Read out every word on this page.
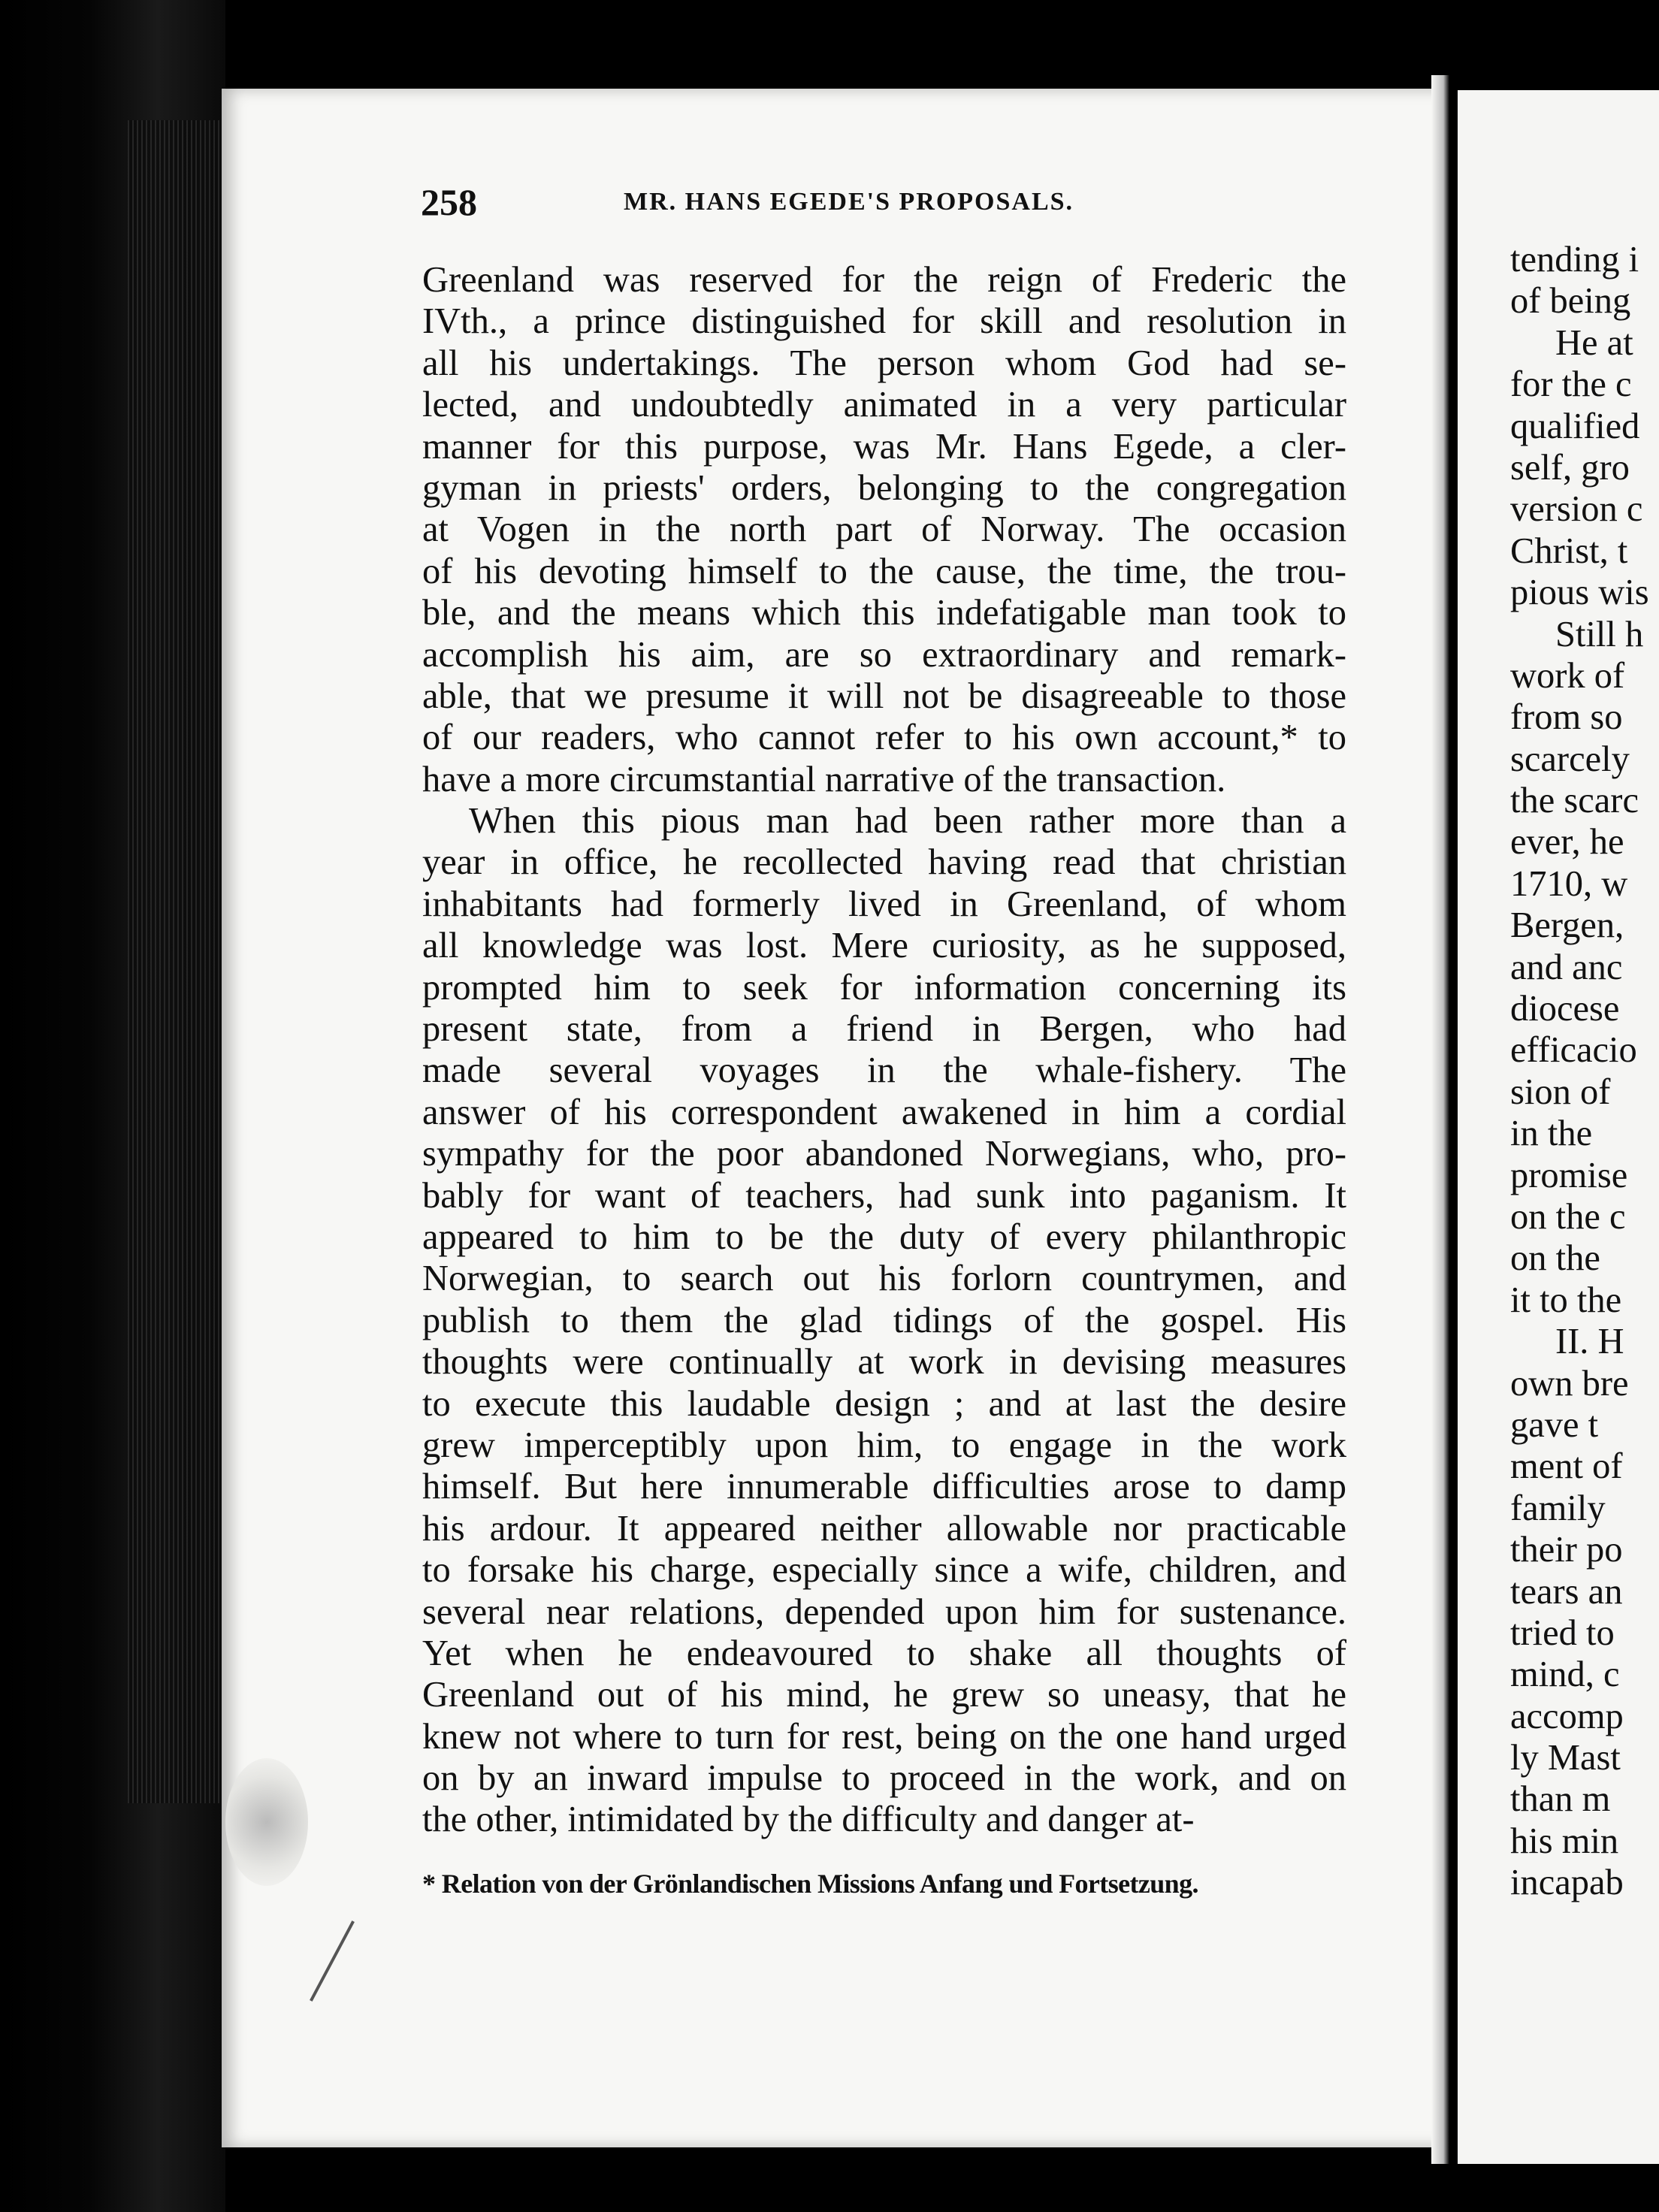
258	MR. HANS EGEDE'S PROPOSALS.
Greenland was reserved for the reign of Frederic the
IVth., a prince distinguished for skill and resolution in
all his undertakings. The person whom God had se-
lected, and undoubtedly animated in a very particular
manner for this purpose, was Mr. Hans Egede, a cler-
gyman in priests' orders, belonging to the congregation
at Vogen in the north part of Norway. The occasion
of his devoting himself to the cause, the time, the trou-
ble, and the means which this indefatigable man took to
accomplish his aim, are so extraordinary and remark-
able, that we presume it will not be disagreeable to those
of our readers, who cannot refer to his own account,* to
have a more circumstantial narrative of the transaction.
When this pious man had been rather more than a
year in office, he recollected having read that christian
inhabitants had formerly lived in Greenland, of whom
all knowledge was lost. Mere curiosity, as he supposed,
prompted him to seek for information concerning its
present state, from a friend in Bergen, who had
made several voyages in the whale-fishery. The
answer of his correspondent awakened in him a cordial
sympathy for the poor abandoned Norwegians, who, pro-
bably for want of teachers, had sunk into paganism. It
appeared to him to be the duty of every philanthropic
Norwegian, to search out his forlorn countrymen, and
publish to them the glad tidings of the gospel. His
thoughts were continually at work in devising measures
to execute this laudable design ; and at last the desire
grew imperceptibly upon him, to engage in the work
himself. But here innumerable difficulties arose to damp
his ardour. It appeared neither allowable nor practicable
to forsake his charge, especially since a wife, children, and
several near relations, depended upon him for sustenance.
Yet when he endeavoured to shake all thoughts of
Greenland out of his mind, he grew so uneasy, that he
knew not where to turn for rest, being on the one hand urged
on by an inward impulse to proceed in the work, and on
the other, intimidated by the difficulty and danger at-
* Relation von der Grönlandischen Missions Anfang und Fortsetzung.
tending i
of being
He at
for the c
qualified
self, gro
version c
Christ, t
pious wis
Still h
work of
from so
scarcely
the scarc
ever, he
1710, w
Bergen,
and anc
diocese
efficacio
sion of
in the
promise
on the c
on the
it to the
II. H
own bre
gave t
ment of
family
their po
tears an
tried to
mind, c
accomp
ly Mast
than m
his min
incapab
